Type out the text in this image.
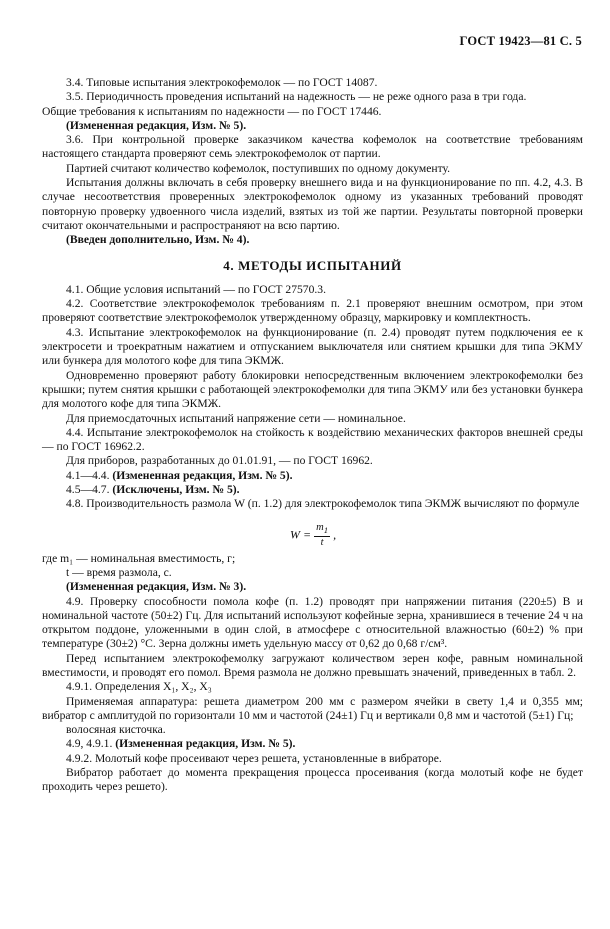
ГОСТ 19423—81 С. 5

3.4. Типовые испытания электрокофемолок — по ГОСТ 14087.

3.5. Периодичность проведения испытаний на надежность — не реже одного раза в три года.

Общие требования к испытаниям по надежности — по ГОСТ 17446.

(Измененная редакция, Изм. № 5).

3.6. При контрольной проверке заказчиком качества кофемолок на соответствие требованиям настоящего стандарта проверяют семь электрокофемолок от партии.

Партией считают количество кофемолок, поступивших по одному документу.

Испытания должны включать в себя проверку внешнего вида и на функционирование по пп. 4.2, 4.3. В случае несоответствия проверенных электрокофемолок одному из указанных требований проводят повторную проверку удвоенного числа изделий, взятых из той же партии. Результаты повторной проверки считают окончательными и распространяют на всю партию.

(Введен дополнительно, Изм. № 4).

4. МЕТОДЫ ИСПЫТАНИЙ

4.1. Общие условия испытаний — по ГОСТ 27570.3.

4.2. Соответствие электрокофемолок требованиям п. 2.1 проверяют внешним осмотром, при этом проверяют соответствие электрокофемолок утвержденному образцу, маркировку и комплектность.

4.3. Испытание электрокофемолок на функционирование (п. 2.4) проводят путем подключения ее к электросети и троекратным нажатием и отпусканием выключателя или снятием крышки для типа ЭКМУ или бункера для молотого кофе для типа ЭКМЖ.

Одновременно проверяют работу блокировки непосредственным включением электрокофемолки без крышки; путем снятия крышки с работающей электрокофемолки для типа ЭКМУ или без установки бункера для молотого кофе для типа ЭКМЖ.

Для приемосдаточных испытаний напряжение сети — номинальное.

4.4. Испытание электрокофемолок на стойкость к воздействию механических факторов внешней среды — по ГОСТ 16962.2.

Для приборов, разработанных до 01.01.91, — по ГОСТ 16962.

4.1—4.4. (Измененная редакция, Изм. № 5).

4.5—4.7. (Исключены, Изм. № 5).

4.8. Производительность размола W (п. 1.2) для электрокофемолок типа ЭКМЖ вычисляют по формуле

$W = \frac{m_1}{t}$ ,

где m₁ — номинальная вместимость, г;

t — время размола, с.

(Измененная редакция, Изм. № 3).

4.9. Проверку способности помола кофе (п. 1.2) проводят при напряжении питания (220±5) В и номинальной частоте (50±2) Гц. Для испытаний используют кофейные зерна, хранившиеся в течение 24 ч на открытом поддоне, уложенными в один слой, в атмосфере с относительной влажностью (60±2) % при температуре (30±2) °С. Зерна должны иметь удельную массу от 0,62 до 0,68 г/см³.

Перед испытанием электрокофемолку загружают количеством зерен кофе, равным номинальной вместимости, и проводят его помол. Время размола не должно превышать значений, приведенных в табл. 2.

4.9.1. Определения X₁, X₂, X₃

Применяемая аппаратура: решета диаметром 200 мм с размером ячейки в свету 1,4 и 0,355 мм; вибратор с амплитудой по горизонтали 10 мм и частотой (24±1) Гц и вертикали 0,8 мм и частотой (5±1) Гц;

волосяная кисточка.

4.9, 4.9.1. (Измененная редакция, Изм. № 5).

4.9.2. Молотый кофе просеивают через решета, установленные в вибраторе.

Вибратор работает до момента прекращения процесса просеивания (когда молотый кофе не будет проходить через решето).
